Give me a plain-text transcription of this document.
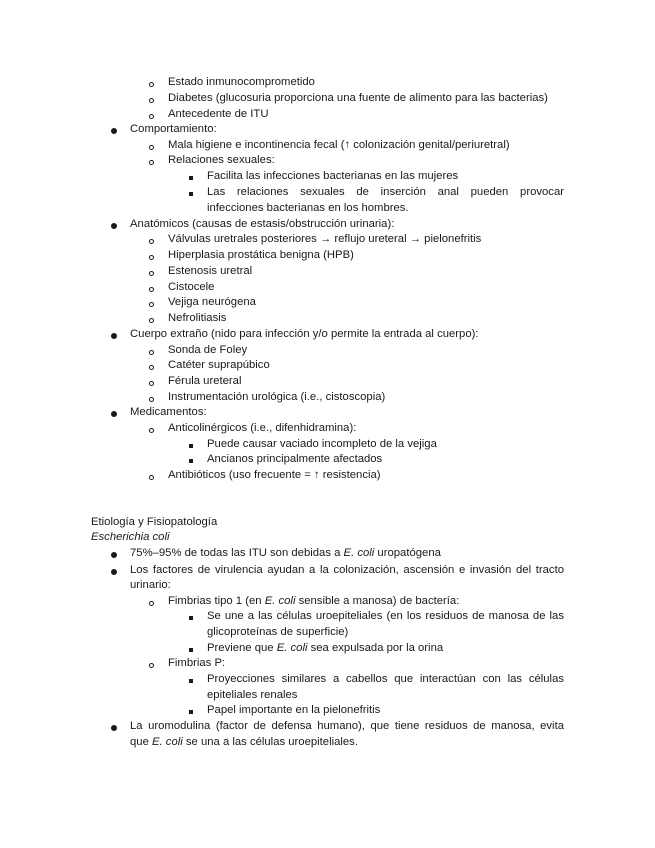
Estado inmunocomprometido
Diabetes (glucosuria proporciona una fuente de alimento para las bacterias)
Antecedente de ITU
Comportamiento:
Mala higiene e incontinencia fecal (↑ colonización genital/periuretral)
Relaciones sexuales:
Facilita las infecciones bacterianas en las mujeres
Las relaciones sexuales de inserción anal pueden provocar
infecciones bacterianas en los hombres.
Anatómicos (causas de estasis/obstrucción urinaria):
Válvulas uretrales posteriores → reflujo ureteral → pielonefritis
Hiperplasia prostática benigna (HPB)
Estenosis uretral
Cistocele
Vejiga neurógena
Nefrolitiasis
Cuerpo extraño (nido para infección y/o permite la entrada al cuerpo):
Sonda de Foley
Catéter suprapúbico
Férula ureteral
Instrumentación urológica (i.e., cistoscopia)
Medicamentos:
Anticolinérgicos (i.e., difenhidramina):
Puede causar vaciado incompleto de la vejiga
Ancianos principalmente afectados
Antibióticos (uso frecuente = ↑ resistencia)
Etiología y Fisiopatología
Escherichia coli
75%–95% de todas las ITU son debidas a E. coli uropatógena
Los factores de virulencia ayudan a la colonización, ascensión e invasión del tracto
urinario:
Fimbrias tipo 1 (en E. coli sensible a manosa) de bactería:
Se une a las células uroepiteliales (en los residuos de manosa de las
glicoproteínas de superficie)
Previene que E. coli sea expulsada por la orina
Fimbrias P:
Proyecciones similares a cabellos que interactúan con las células
epiteliales renales
Papel importante en la pielonefritis
La uromodulina (factor de defensa humano), que tiene residuos de manosa, evita
que E. coli se una a las células uroepiteliales.
